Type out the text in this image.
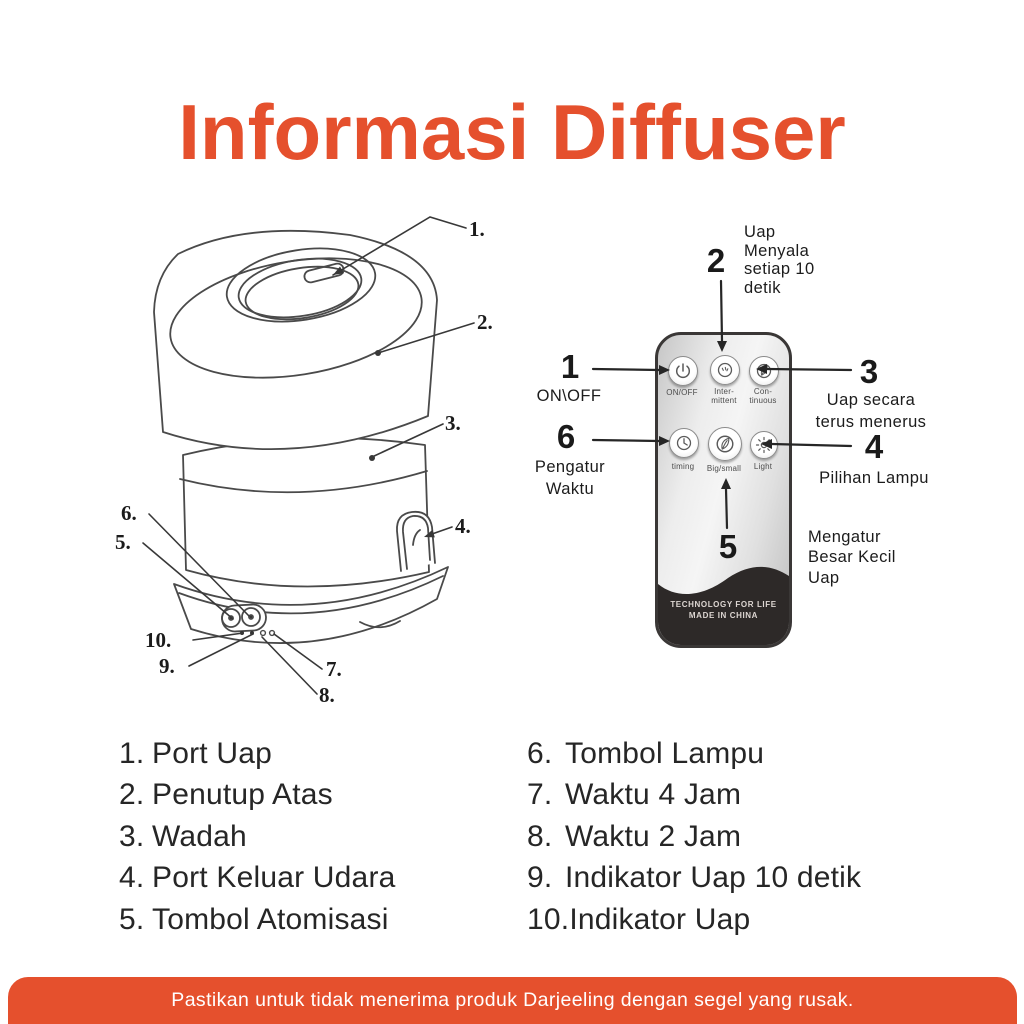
Informasi Diffuser
ON/OFF	Inter-
mittent
Con-
tinuous
timing	Big/small	Light
TECHNOLOGY FOR LIFE
MADE IN CHINA
1.
2.
3.
4.
5.
6.
7.
8.
9.
10.
1
2
3
4
5
6
ON\OFF
Uap
Menyala
setiap 10
detik
Uap secara
terus menerus
Pilihan Lampu
Mengatur
Besar Kecil
Uap
Pengatur
Waktu
1. Port Uap
2. Penutup Atas
3. Wadah
4. Port Keluar Udara
5. Tombol Atomisasi
6. Tombol Lampu
7. Waktu 4 Jam
8. Waktu 2 Jam
9. Indikator Uap 10 detik
10. Indikator Uap
Pastikan untuk tidak menerima produk Darjeeling dengan segel yang rusak.
